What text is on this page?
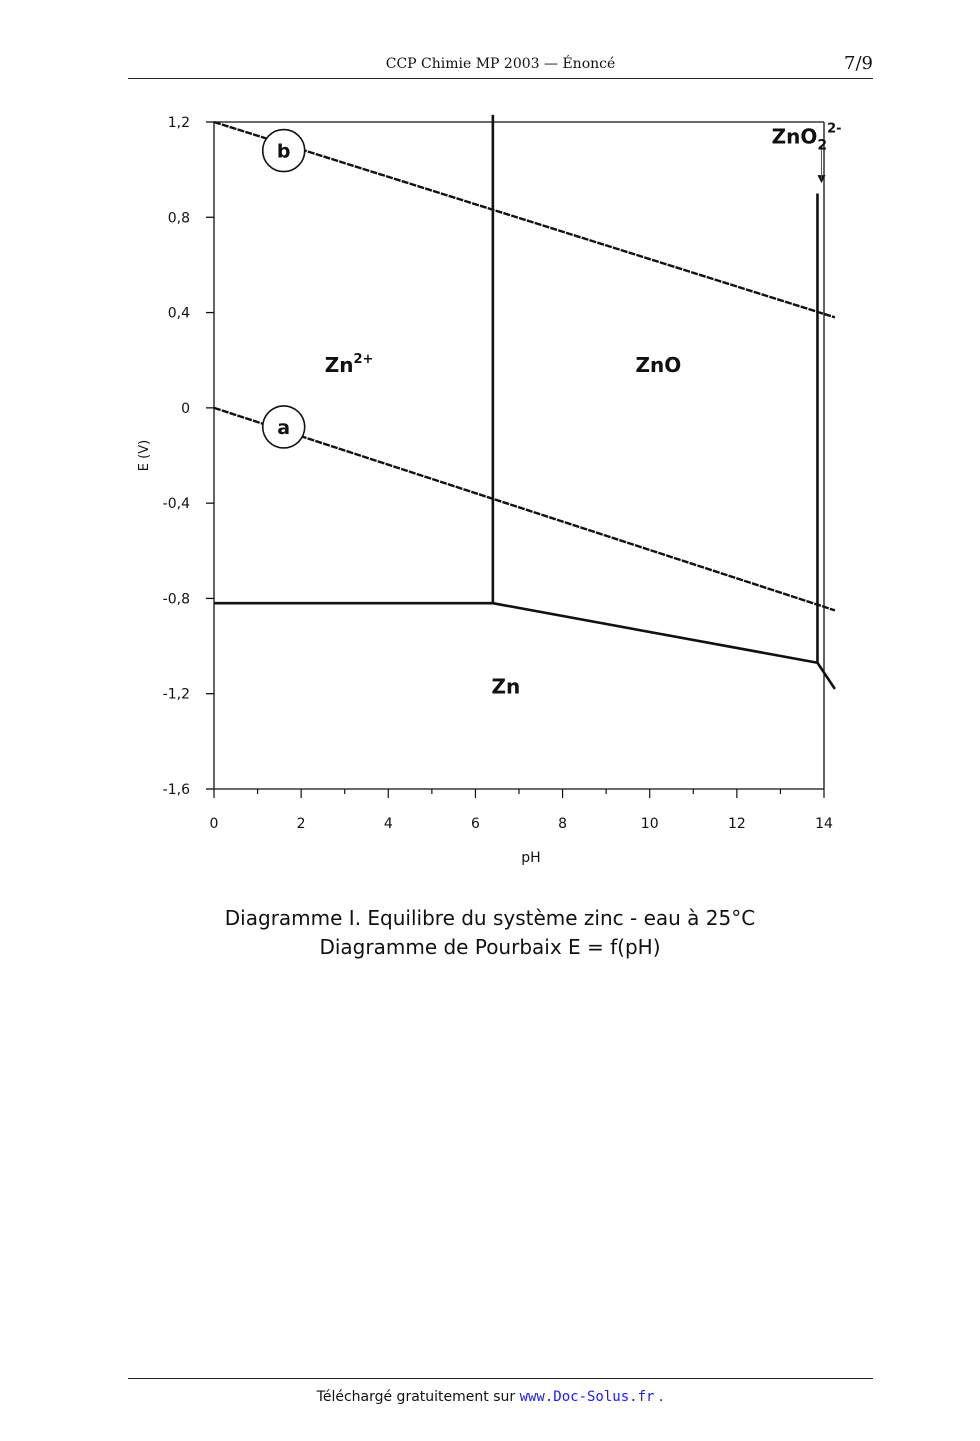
CCP Chimie MP 2003 — Énoncé	7/9
1,2
0,8
0,4
0
-0,4
-0,8
-1,2
-1,6
0	2	4	6	8	10	12	14
pH
E (V)
b
a
$Zn^{2+}$	ZnO
Zn
ZnO$_2^{2-}$
Diagramme I. Equilibre du système zinc - eau à 25°C
Diagramme de Pourbaix E = f(pH)
Téléchargé gratuitement sur www.Doc-Solus.fr .
